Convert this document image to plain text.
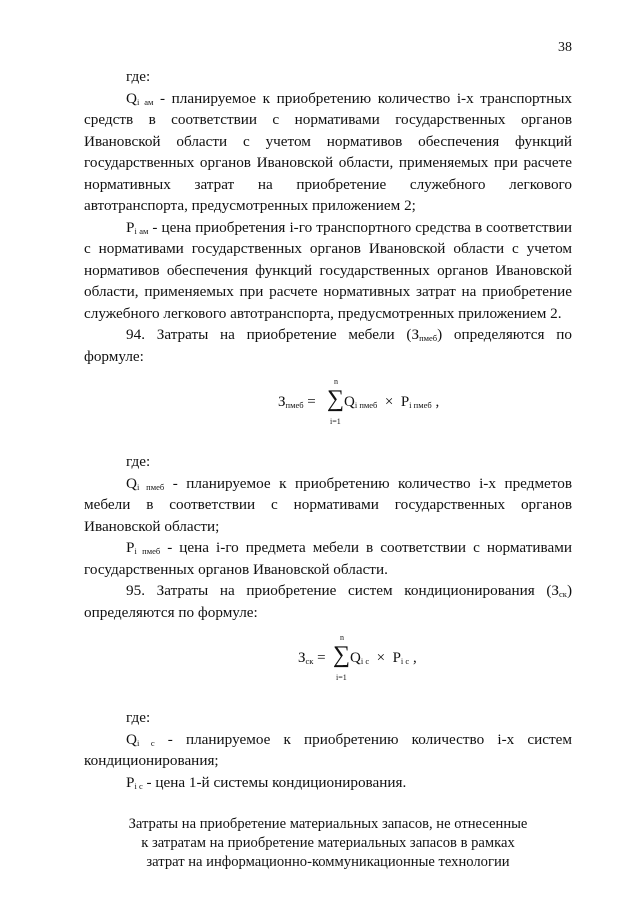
38

где:

$Q_{i ам}$ - планируемое к приобретению количество i-х транспортных средств в соответствии с нормативами государственных органов Ивановской области с учетом нормативов обеспечения функций государственных органов Ивановской области, применяемых при расчете нормативных затрат на приобретение служебного легкового автотранспорта, предусмотренных приложением 2;

$P_{i ам}$ - цена приобретения i-го транспортного средства в соответствии с нормативами государственных органов Ивановской области с учетом нормативов обеспечения функций государственных органов Ивановской области, применяемых при расчете нормативных затрат на приобретение служебного легкового автотранспорта, предусмотренных приложением 2.

94. Затраты на приобретение мебели $(З_{пмеб})$ определяются по формуле:

$З_{пмеб}$ = ∑
n
i=1
$Q_{i пмеб} \times P_{i пмеб}$ ,

где:

$Q_{i пмеб}$ - планируемое к приобретению количество i-х предметов мебели в соответствии с нормативами государственных органов Ивановской области;

$P_{i пмеб}$ - цена i-го предмета мебели в соответствии с нормативами государственных органов Ивановской области.

95. Затраты на приобретение систем кондиционирования $(З_{ск})$ определяются по формуле:

$З_{ск}$ = ∑
n
i=1
$Q_{i с} \times P_{i с}$ ,

где:

$Q_{i с}$ - планируемое к приобретению количество i-х систем кондиционирования;

$P_{i с}$ - цена 1-й системы кондиционирования.

Затраты на приобретение материальных запасов, не отнесенные
к затратам на приобретение материальных запасов в рамках
затрат на информационно-коммуникационные технологии
